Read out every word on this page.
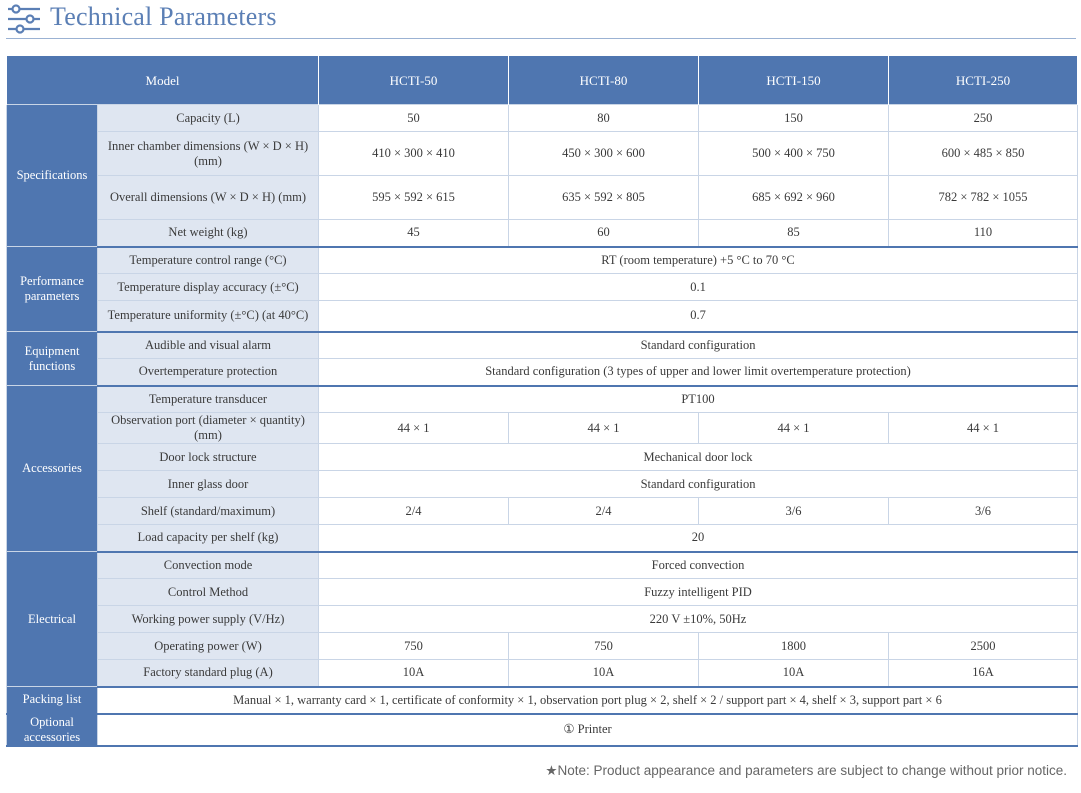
Technical Parameters
Model		HCTI-50	HCTI-80	HCTI-150	HCTI-250
Specifications	Capacity (L)	50	80	150	250
	Inner chamber dimensions (W × D × H) (mm)	410 × 300 × 410	450 × 300 × 600	500 × 400 × 750	600 × 485 × 850
	Overall dimensions (W × D × H) (mm)	595 × 592 × 615	635 × 592 × 805	685 × 692 × 960	782 × 782 × 1055
	Net weight (kg)	45	60	85	110
Performance parameters	Temperature control range (°C)	RT (room temperature) +5 °C to 70 °C			
	Temperature display accuracy (±°C)	0.1			
	Temperature uniformity (±°C) (at 40°C)	0.7			
Equipment functions	Audible and visual alarm	Standard configuration			
	Overtemperature protection	Standard configuration (3 types of upper and lower limit overtemperature protection)			
Accessories	Temperature transducer	PT100			
	Observation port (diameter × quantity) (mm)	44 × 1	44 × 1	44 × 1	44 × 1
	Door lock structure	Mechanical door lock			
	Inner glass door	Standard configuration			
	Shelf (standard/maximum)	2/4	2/4	3/6	3/6
	Load capacity per shelf (kg)	20			
Electrical	Convection mode	Forced convection			
	Control Method	Fuzzy intelligent PID			
	Working power supply (V/Hz)	220 V ±10%, 50Hz			
	Operating power (W)	750	750	1800	2500
	Factory standard plug (A)	10A	10A	10A	16A
Packing list	Manual × 1, warranty card × 1, certificate of conformity × 1, observation port plug × 2, shelf × 2 / support part × 4, shelf × 3, support part × 6				
Optional accessories	① Printer				
★Note: Product appearance and parameters are subject to change without prior notice.
